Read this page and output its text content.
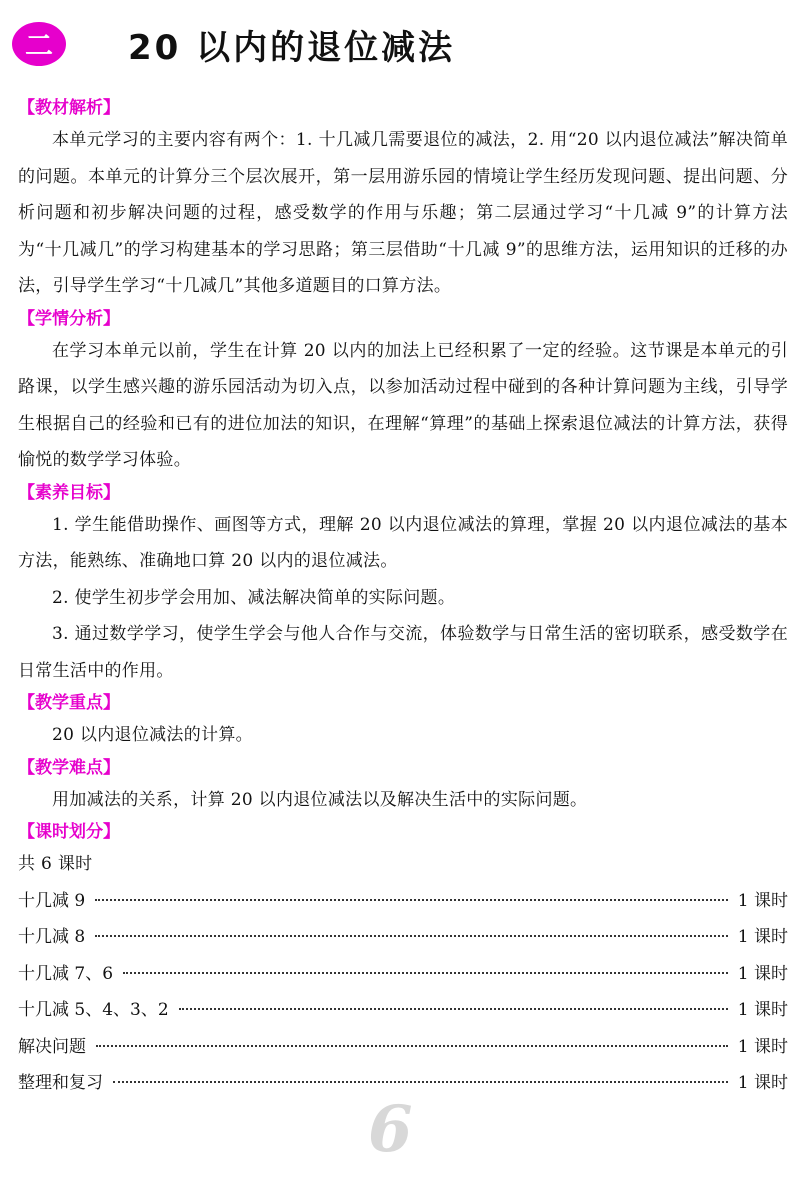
二	20 以内的退位减法
【教材解析】

本单元学习的主要内容有两个：1. 十几减几需要退位的减法，2. 用“20 以内退位减法”解决简单的问题。本单元的计算分三个层次展开，第一层用游乐园的情境让学生经历发现问题、提出问题、分析问题和初步解决问题的过程，感受数学的作用与乐趣；第二层通过学习“十几减 9”的计算方法为“十几减几”的学习构建基本的学习思路；第三层借助“十几减 9”的思维方法，运用知识的迁移的办法，引导学生学习“十几减几”其他多道题目的口算方法。

【学情分析】

在学习本单元以前，学生在计算 20 以内的加法上已经积累了一定的经验。这节课是本单元的引路课，以学生感兴趣的游乐园活动为切入点，以参加活动过程中碰到的各种计算问题为主线，引导学生根据自己的经验和已有的进位加法的知识，在理解“算理”的基础上探索退位减法的计算方法，获得愉悦的数学学习体验。

【素养目标】

1. 学生能借助操作、画图等方式，理解 20 以内退位减法的算理，掌握 20 以内退位减法的基本方法，能熟练、准确地口算 20 以内的退位减法。

2. 使学生初步学会用加、减法解决简单的实际问题。

3. 通过数学学习，使学生学会与他人合作与交流，体验数学与日常生活的密切联系，感受数学在日常生活中的作用。

【教学重点】

20 以内退位减法的计算。

【教学难点】

用加减法的关系，计算 20 以内退位减法以及解决生活中的实际问题。

【课时划分】

共 6 课时

十几减 9	1 课时
十几减 8	1 课时
十几减 7、6	1 课时
十几减 5、4、3、2	1 课时
解决问题	1 课时
整理和复习	1 课时
6
